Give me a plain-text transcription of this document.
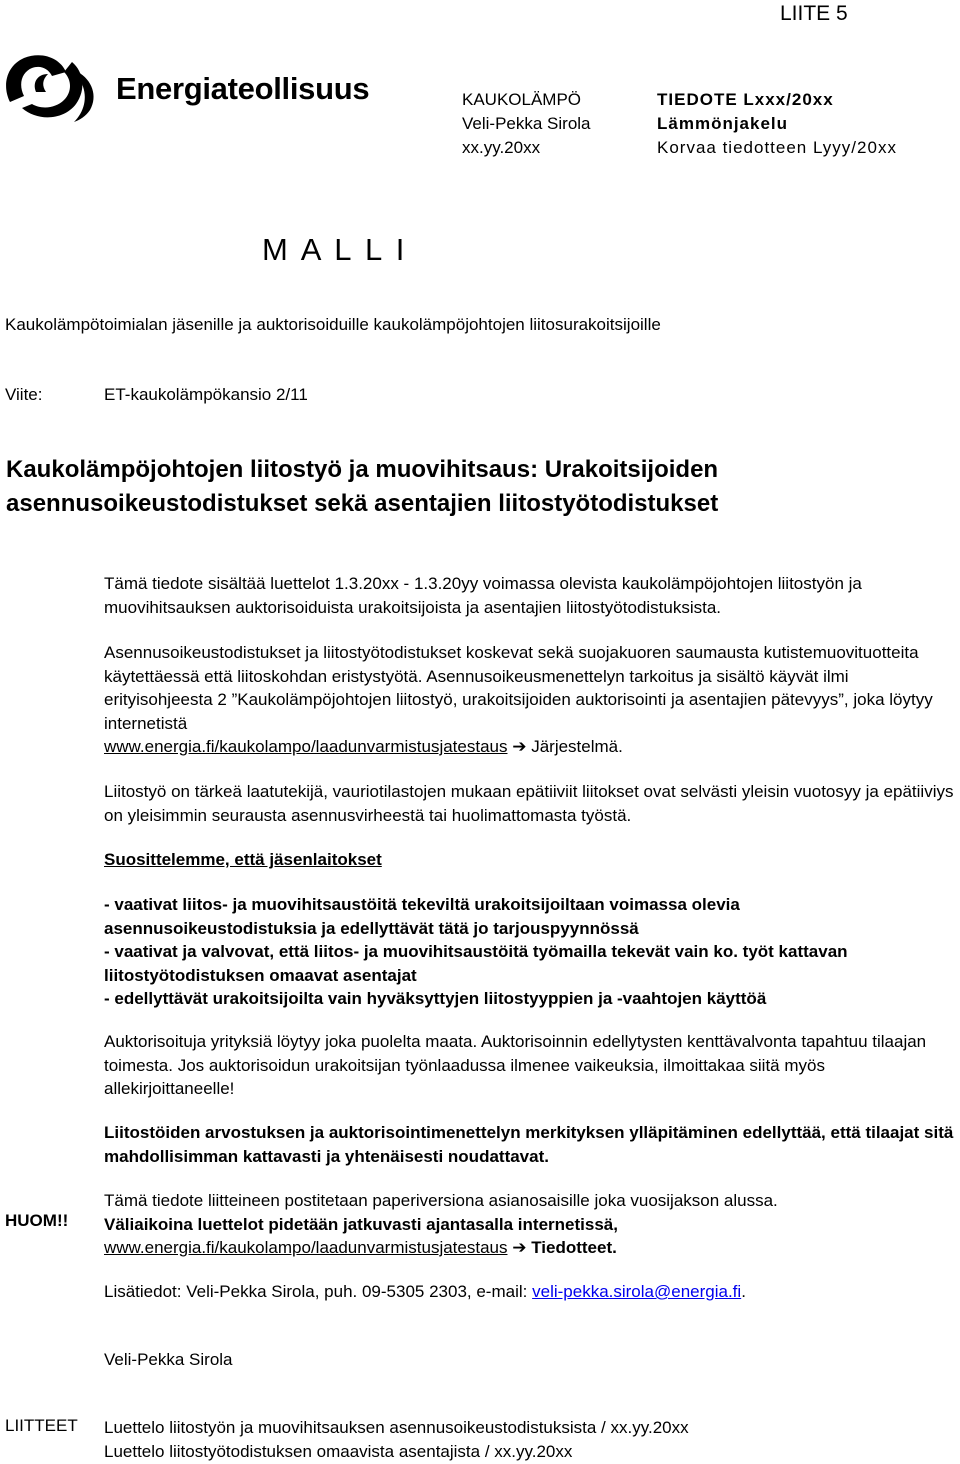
LIITE 5
Energiateollisuus	KAUKOLÄMPÖ
Veli-Pekka Sirola
xx.yy.20xx
TIEDOTE Lxxx/20xx
Lämmönjakelu
Korvaa tiedotteen Lyyy/20xx
M A L L I
Kaukolämpötoimialan jäsenille ja auktorisoiduille kaukolämpöjohtojen liitosurakoitsijoille
Viite:	ET-kaukolämpökansio 2/11
Kaukolämpöjohtojen liitostyö ja muovihitsaus: Urakoitsijoiden asennusoikeustodistukset sekä asentajien liitostyötodistukset
Tämä tiedote sisältää luettelot 1.3.20xx - 1.3.20yy voimassa olevista kaukolämpöjohtojen liitostyön ja muovihitsauksen auktorisoiduista urakoitsijoista ja asentajien liitostyötodistuksista.
Asennusoikeustodistukset ja liitostyötodistukset koskevat sekä suojakuoren saumausta kutistemuovituotteita käytettäessä että liitoskohdan eristystyötä. Asennusoikeusmenettelyn tarkoitus ja sisältö käyvät ilmi erityisohjeesta 2 ”Kaukolämpöjohtojen liitostyö, urakoitsijoiden auktorisointi ja asentajien pätevyys”, joka löytyy internetistä
www.energia.fi/kaukolampo/laadunvarmistusjatestaus ➔ Järjestelmä.
Liitostyö on tärkeä laatutekijä, vauriotilastojen mukaan epätiiviit liitokset ovat selvästi yleisin vuotosyy ja epätiiviys on yleisimmin seurausta asennusvirheestä tai huolimattomasta työstä.
Suosittelemme, että jäsenlaitokset
- vaativat liitos- ja muovihitsaustöitä tekeviltä urakoitsijoiltaan voimassa olevia asennusoikeustodistuksia ja edellyttävät tätä jo tarjouspyynnössä
- vaativat ja valvovat, että liitos- ja muovihitsaustöitä työmailla tekevät vain ko. työt kattavan liitostyötodistuksen omaavat asentajat
- edellyttävät urakoitsijoilta vain hyväksyttyjen liitostyyppien ja -vaahtojen käyttöä
Auktorisoituja yrityksiä löytyy joka puolelta maata. Auktorisoinnin edellytysten kenttävalvonta tapahtuu tilaajan toimesta. Jos auktorisoidun urakoitsijan työnlaadussa ilmenee vaikeuksia, ilmoittakaa siitä myös allekirjoittaneelle!
Liitostöiden arvostuksen ja auktorisointimenettelyn merkityksen ylläpitäminen edellyttää, että tilaajat sitä mahdollisimman kattavasti ja yhtenäisesti noudattavat.
HUOM!!
Tämä tiedote liitteineen postitetaan paperiversiona asianosaisille joka vuosijakson alussa.
Väliaikoina luettelot pidetään jatkuvasti ajantasalla internetissä,
www.energia.fi/kaukolampo/laadunvarmistusjatestaus ➔ Tiedotteet.
Lisätiedot: Veli-Pekka Sirola, puh. 09-5305 2303, e-mail: veli-pekka.sirola@energia.fi.
Veli-Pekka Sirola
LIITTEET Luettelo liitostyön ja muovihitsauksen asennusoikeustodistuksista / xx.yy.20xx
Luettelo liitostyötodistuksen omaavista asentajista / xx.yy.20xx
